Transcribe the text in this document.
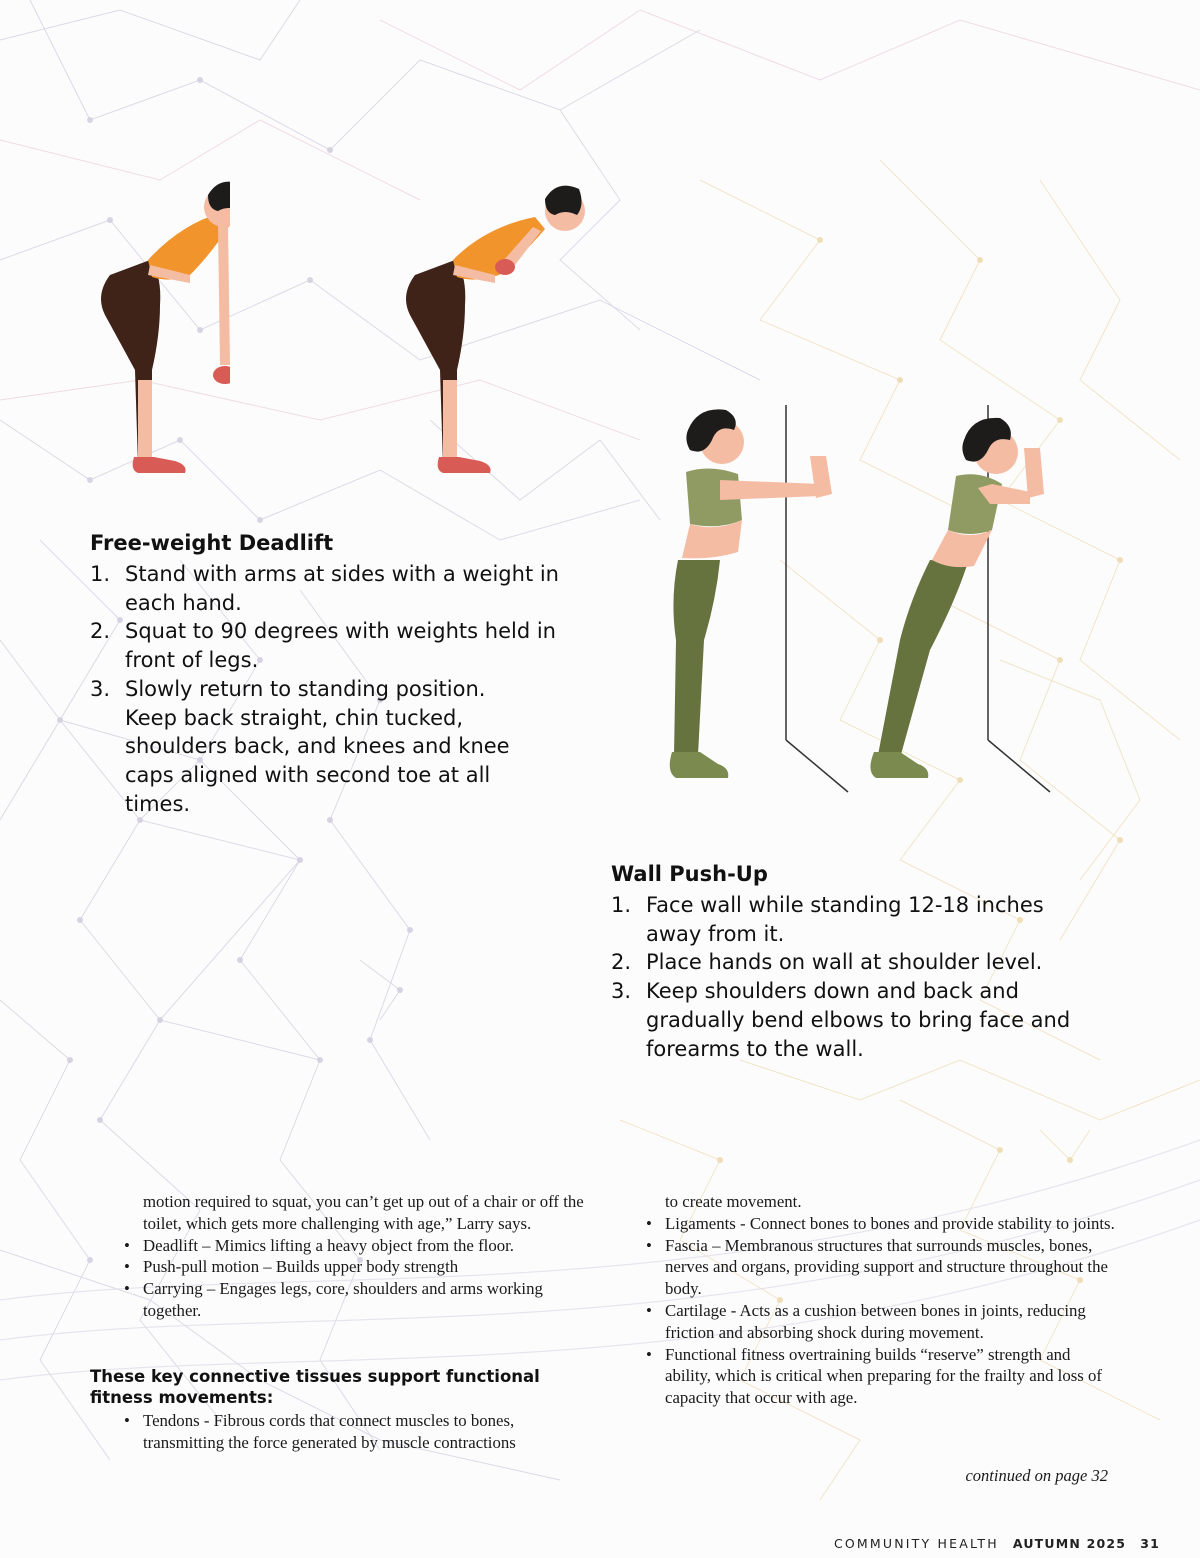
Free-weight Deadlift
1. Stand with arms at sides with a weight in each hand.
2. Squat to 90 degrees with weights held in front of legs.
3. Slowly return to standing position. Keep back straight, chin tucked, shoulders back, and knees and knee caps aligned with second toe at all times.
Wall Push-Up
1. Face wall while standing 12-18 inches away from it.
2. Place hands on wall at shoulder level.
3. Keep shoulders down and back and gradually bend elbows to bring face and forearms to the wall.

motion required to squat, you can’t get up out of a chair or off the toilet, which gets more challenging with age,” Larry says.

• Deadlift – Mimics lifting a heavy object from the floor.
• Push-pull motion – Builds upper body strength
• Carrying – Engages legs, core, shoulders and arms working together.

These key connective tissues support functional fitness movements:

• Tendons - Fibrous cords that connect muscles to bones, transmitting the force generated by muscle contractions

to create movement.

• Ligaments - Connect bones to bones and provide stability to joints.
• Fascia – Membranous structures that surrounds muscles, bones, nerves and organs, providing support and structure throughout the body.
• Cartilage - Acts as a cushion between bones in joints, reducing friction and absorbing shock during movement.
• Functional fitness overtraining builds “reserve” strength and ability, which is critical when preparing for the frailty and loss of capacity that occur with age.
continued on page 32
COMMUNITY HEALTH AUTUMN 2025 31
